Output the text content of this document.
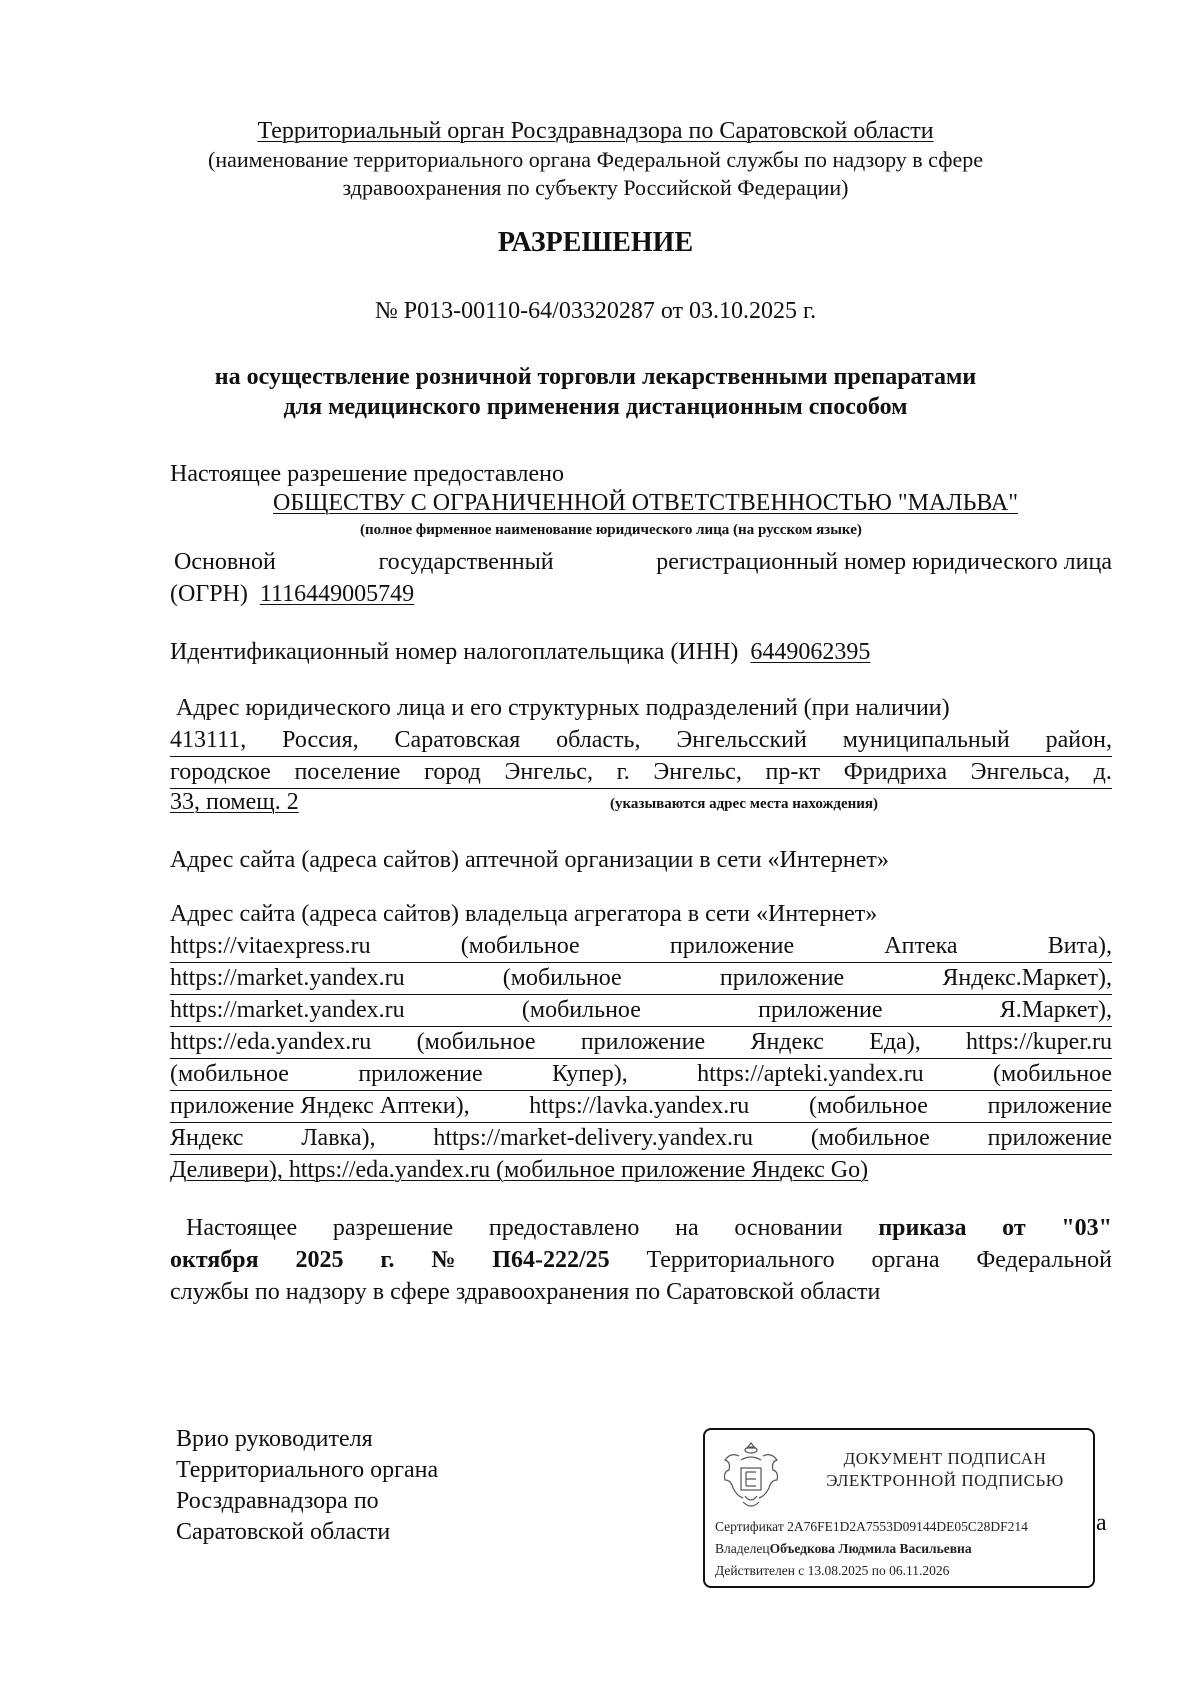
Территориальный орган Росздравнадзора по Саратовской области
(наименование территориального органа Федеральной службы по надзору в сфере
здравоохранения по субъекту Российской Федерации)
РАЗРЕШЕНИЕ
№ Р013-00110-64/03320287 от 03.10.2025 г.
на осуществление розничной торговли лекарственными препаратами
для медицинского применения дистанционным способом
Настоящее разрешение предоставлено
ОБЩЕСТВУ С ОГРАНИЧЕННОЙ ОТВЕТСТВЕННОСТЬЮ "МАЛЬВА"
(полное фирменное наименование юридического лица (на русском языке)
Основной	государственный	регистрационный номер юридического лица
(ОГРН) 1116449005749
Идентификационный номер налогоплательщика (ИНН) 6449062395
Адрес юридического лица и его структурных подразделений (при наличии)
413111, Россия, Саратовская область, Энгельсский муниципальный район,
городское поселение город Энгельс, г. Энгельс, пр-кт Фридриха Энгельса, д.
33, помещ. 2	(указываются адрес места нахождения)
Адрес сайта (адреса сайтов) аптечной организации в сети «Интернет»
Адрес сайта (адреса сайтов) владельца агрегатора в сети «Интернет»
https://vitaexpress.ru	(мобильное	приложение	Аптека	Вита),
https://market.yandex.ru	(мобильное	приложение	Яндекс.Маркет),
https://market.yandex.ru	(мобильное	приложение	Я.Маркет),
https://eda.yandex.ru (мобильное приложение Яндекс Еда), https://kuper.ru
(мобильное	приложение	Купер),	https://apteki.yandex.ru	(мобильное
приложение Яндекс Аптеки), https://lavka.yandex.ru (мобильное приложение
Яндекс Лавка), https://market-delivery.yandex.ru (мобильное приложение
Деливери), https://eda.yandex.ru (мобильное приложение Яндекс Go)
Настоящее разрешение предоставлено на основании приказа от "03"
октября 2025 г. № П64-222/25 Территориального органа Федеральной
службы по надзору в сфере здравоохранения по Саратовской области
Врио руководителя
Территориального органа
Росздравнадзора по
Саратовской области	а
ДОКУМЕНТ ПОДПИСАН
ЭЛЕКТРОННОЙ ПОДПИСЬЮ
Сертификат 2A76FE1D2A7553D09144DE05C28DF214
ВладелецОбъедкова Людмила Васильевна
Действителен с 13.08.2025 по 06.11.2026
